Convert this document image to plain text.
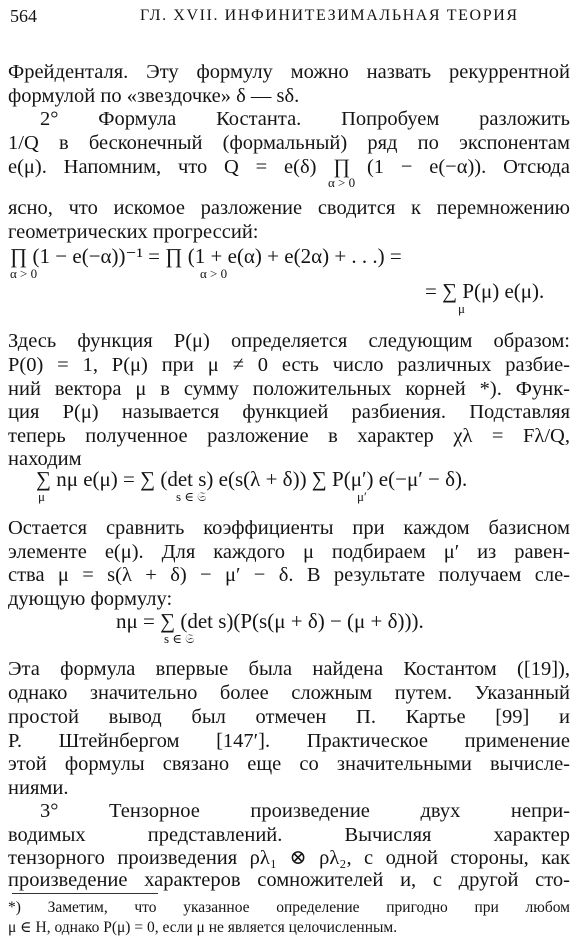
564	ГЛ. XVII. ИНФИНИТЕЗИМАЛЬНАЯ ТЕОРИЯ
Фрейденталя. Эту формулу можно назвать рекуррентной
формулой по «звездочке» δ — sδ.
2° Формула Костанта. Попробуем разложить
1/Q в бесконечный (формальный) ряд по экспонентам
e(μ). Напомним, что Q = e(δ) ∏ (1 − e(−α)). Отсюда
α > 0
ясно, что искомое разложение сводится к перемножению
геометрических прогрессий:
∏ (1 − e(−α))⁻¹ = ∏ (1 + e(α) + e(2α) + . . .) =
α > 0	α > 0
= ∑ P(μ) e(μ).
μ
Здесь функция P(μ) определяется следующим образом:
P(0) = 1, P(μ) при μ ≠ 0 есть число различных разбие-
ний вектора μ в сумму положительных корней *). Функ-
ция P(μ) называется функцией разбиения. Подставляя
теперь полученное разложение в характер χλ = Fλ/Q,
находим
∑ nμ e(μ) = ∑ (det s) e(s(λ + δ)) ∑ P(μ′) e(−μ′ − δ).
μ	s ∈ 𝔖	μ′
Остается сравнить коэффициенты при каждом базисном
элементе e(μ). Для каждого μ подбираем μ′ из равен-
ства μ = s(λ + δ) − μ′ − δ. В результате получаем сле-
дующую формулу:
nμ = ∑ (det s)(P(s(μ + δ) − (μ + δ))).
s ∈ 𝔖
Эта формула впервые была найдена Костантом ([19]),
однако значительно более сложным путем. Указанный
простой вывод был отмечен П. Картье [99] и
Р. Штейнбергом [147′]. Практическое применение
этой формулы связано еще со значительными вычисле-
ниями.
3° Тензорное произведение двух непри-
водимых представлений. Вычисляя характер
тензорного произведения ρλ₁ ⊗ ρλ₂, с одной стороны, как
произведение характеров сомножителей и, с другой сто-
*) Заметим, что указанное определение пригодно при любом
μ ∈ H, однако P(μ) = 0, если μ не является целочисленным.
